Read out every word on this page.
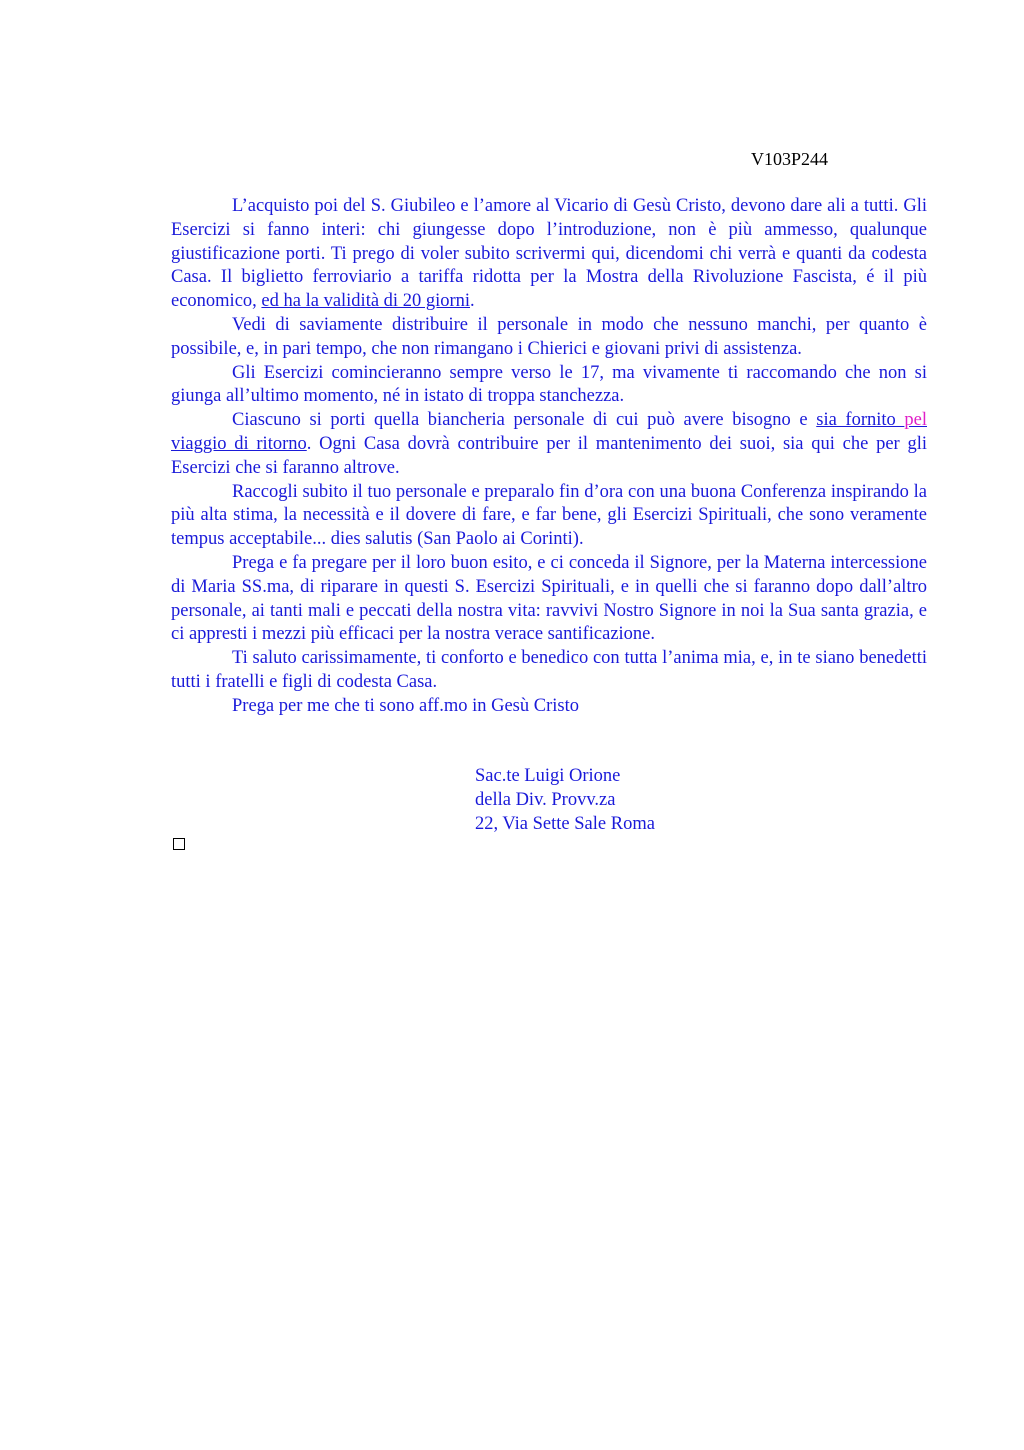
V103P244

L’acquisto poi del S. Giubileo e l’amore al Vicario di Gesù Cristo, devono dare ali a tutti. Gli Esercizi si fanno interi: chi giungesse dopo l’introduzione, non è più ammesso, qualunque giustificazione porti. Ti prego di voler subito scrivermi qui, dicendomi chi verrà e quanti da codesta Casa. Il biglietto ferroviario a tariffa ridotta per la Mostra della Rivoluzione Fascista, é il più economico, ed ha la validità di 20 giorni.

Vedi di saviamente distribuire il personale in modo che nessuno manchi, per quanto è possibile, e, in pari tempo, che non rimangano i Chierici e giovani privi di assistenza.

Gli Esercizi comincieranno sempre verso le 17, ma vivamente ti raccomando che non si giunga all’ultimo momento, né in istato di troppa stanchezza.

Ciascuno si porti quella biancheria personale di cui può avere bisogno e sia fornito pel viaggio di ritorno. Ogni Casa dovrà contribuire per il mantenimento dei suoi, sia qui che per gli Esercizi che si faranno altrove.

Raccogli subito il tuo personale e preparalo fin d’ora con una buona Conferenza inspirando la più alta stima, la necessità e il dovere di fare, e far bene, gli Esercizi Spirituali, che sono veramente tempus acceptabile... dies salutis (San Paolo ai Corinti).

Prega e fa pregare per il loro buon esito, e ci conceda il Signore, per la Materna intercessione di Maria SS.ma, di riparare in questi S. Esercizi Spirituali, e in quelli che si faranno dopo dall’altro personale, ai tanti mali e peccati della nostra vita: ravvivi Nostro Signore in noi la Sua santa grazia, e ci appresti i mezzi più efficaci per la nostra verace santificazione.

Ti saluto carissimamente, ti conforto e benedico con tutta l’anima mia, e, in te siano benedetti tutti i fratelli e figli di codesta Casa.

Prega per me che ti sono aff.mo in Gesù Cristo

Sac.te Luigi Orione
della Div. Provv.za
22, Via Sette Sale Roma
